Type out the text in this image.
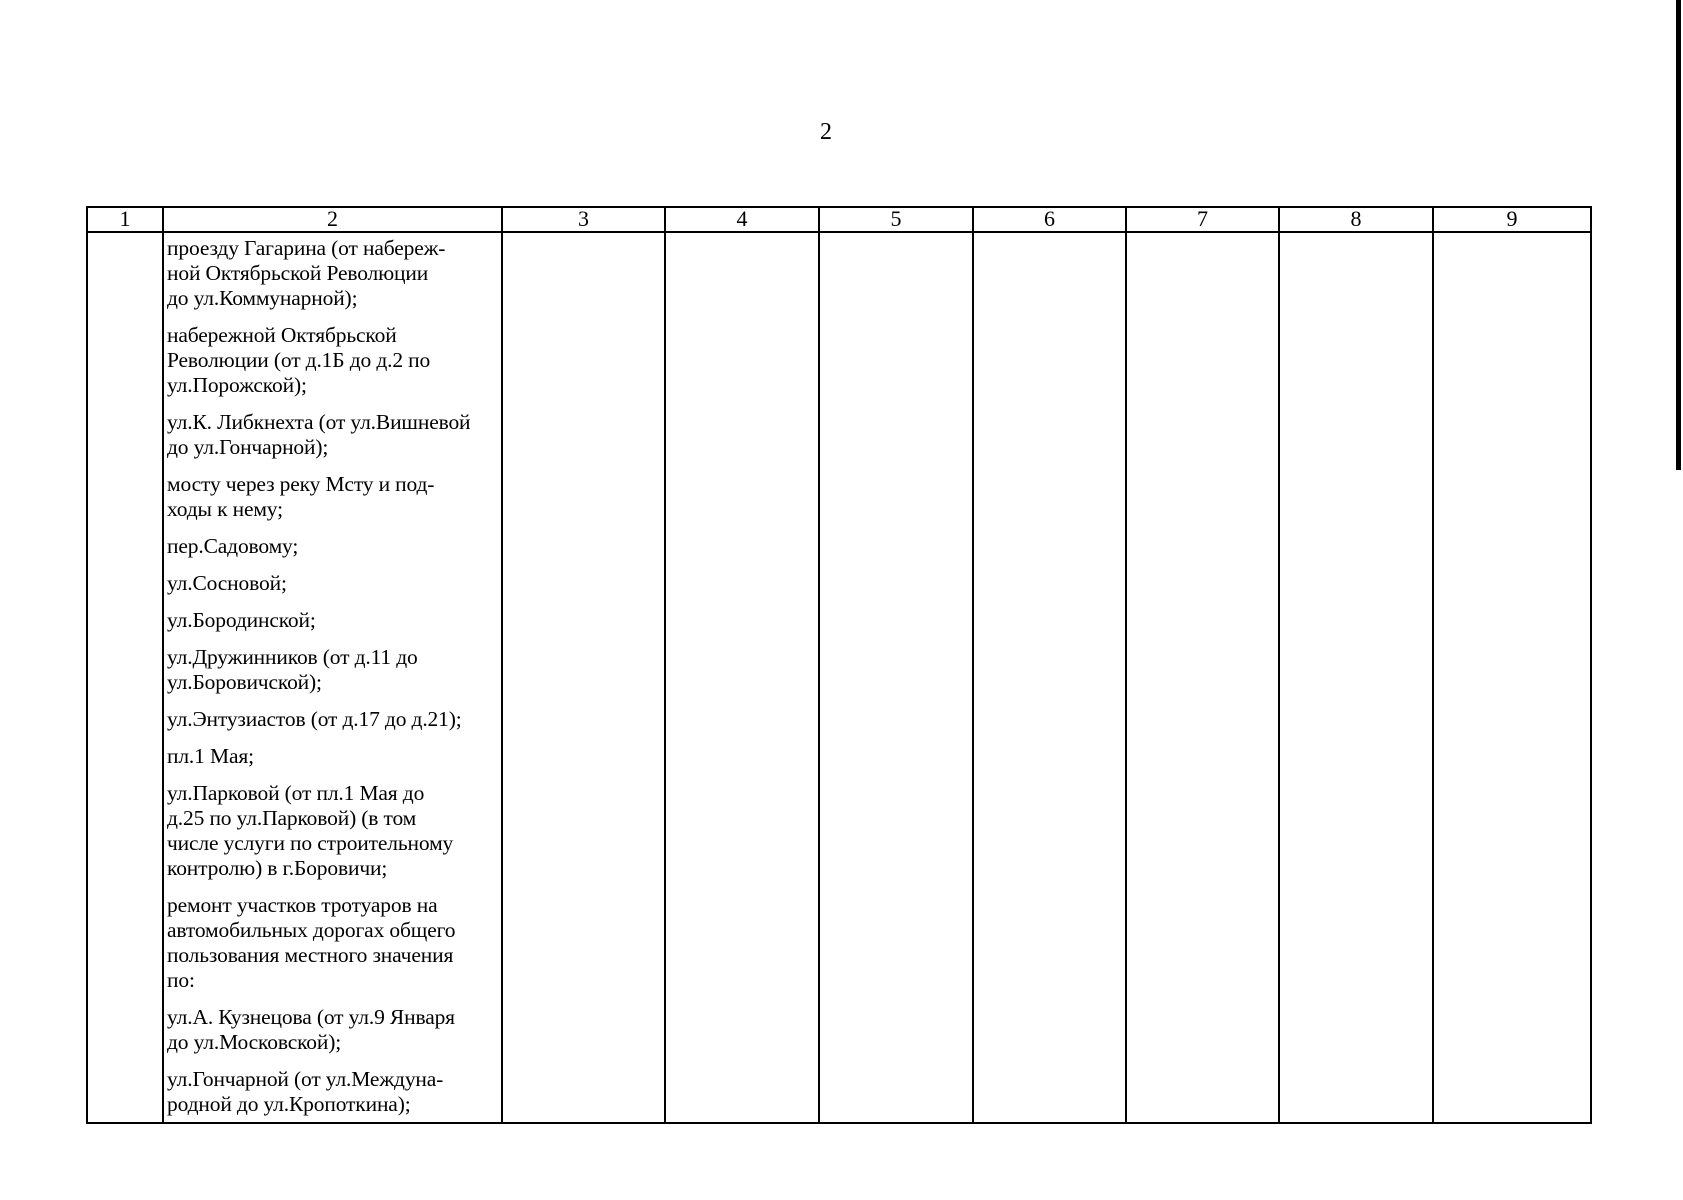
2
1	2	3	4	5	6	7	8	9
проезду Гагарина (от набереж-
ной Октябрьской Революции
до ул.Коммунарной);
набережной Октябрьской
Революции (от д.1Б до д.2 по
ул.Порожской);
ул.К. Либкнехта (от ул.Вишневой
до ул.Гончарной);
мосту через реку Мсту и под-
ходы к нему;
пер.Садовому;
ул.Сосновой;
ул.Бородинской;
ул.Дружинников (от д.11 до
ул.Боровичской);
ул.Энтузиастов (от д.17 до д.21);
пл.1 Мая;
ул.Парковой (от пл.1 Мая до
д.25 по ул.Парковой) (в том
числе услуги по строительному
контролю) в г.Боровичи;
ремонт участков тротуаров на
автомобильных дорогах общего
пользования местного значения
по:
ул.А. Кузнецова (от ул.9 Января
до ул.Московской);
ул.Гончарной (от ул.Междуна-
родной до ул.Кропоткина);
